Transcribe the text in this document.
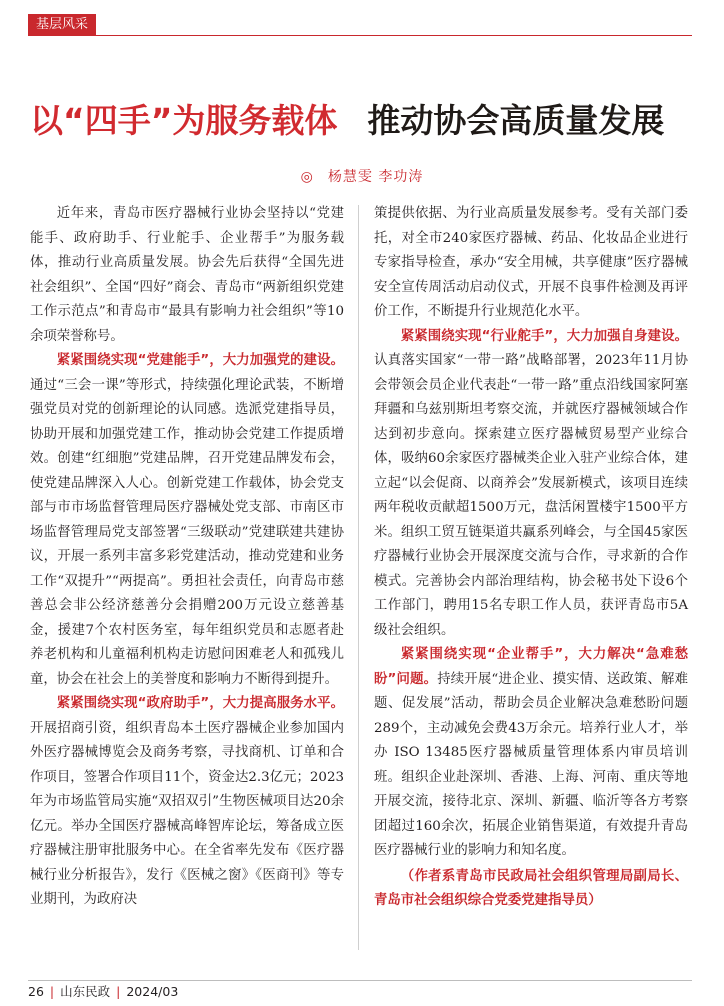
基层风采
以“四手”为服务载体 推动协会高质量发展
◎ 杨慧雯 李功涛

近年来，青岛市医疗器械行业协会坚持以“党建能手、政府助手、行业舵手、企业帮手”为服务载体，推动行业高质量发展。协会先后获得“全国先进社会组织”、全国“四好”商会、青岛市“两新组织党建工作示范点”和青岛市“最具有影响力社会组织”等10余项荣誉称号。

紧紧围绕实现“党建能手”，大力加强党的建设。通过“三会一课”等形式，持续强化理论武装，不断增强党员对党的创新理论的认同感。选派党建指导员，协助开展和加强党建工作，推动协会党建工作提质增效。创建“红细胞”党建品牌，召开党建品牌发布会，使党建品牌深入人心。创新党建工作载体，协会党支部与市市场监督管理局医疗器械处党支部、市南区市场监督管理局党支部签署“三级联动”党建联建共建协议，开展一系列丰富多彩党建活动，推动党建和业务工作“双提升”“两提高”。勇担社会责任，向青岛市慈善总会非公经济慈善分会捐赠200万元设立慈善基金，援建7个农村医务室，每年组织党员和志愿者赴养老机构和儿童福利机构走访慰问困难老人和孤残儿童，协会在社会上的美誉度和影响力不断得到提升。

紧紧围绕实现“政府助手”，大力提高服务水平。开展招商引资，组织青岛本土医疗器械企业参加国内外医疗器械博览会及商务考察，寻找商机、订单和合作项目，签署合作项目11个，资金达2.3亿元；2023年为市场监管局实施“双招双引”生物医械项目达20余亿元。举办全国医疗器械高峰智库论坛，筹备成立医疗器械注册审批服务中心。在全省率先发布《医疗器械行业分析报告》，发行《医械之窗》《医商刊》等专业期刊，为政府决

策提供依据、为行业高质量发展参考。受有关部门委托，对全市240家医疗器械、药品、化妆品企业进行专家指导检查，承办“安全用械，共享健康”医疗器械安全宣传周活动启动仪式，开展不良事件检测及再评价工作，不断提升行业规范化水平。

紧紧围绕实现“行业舵手”，大力加强自身建设。认真落实国家“一带一路”战略部署，2023年11月协会带领会员企业代表赴“一带一路”重点沿线国家阿塞拜疆和乌兹别斯坦考察交流，并就医疗器械领域合作达到初步意向。探索建立医疗器械贸易型产业综合体，吸纳60余家医疗器械类企业入驻产业综合体，建立起“以会促商、以商养会”发展新模式，该项目连续两年税收贡献超1500万元，盘活闲置楼宇1500平方米。组织工贸互链渠道共赢系列峰会，与全国45家医疗器械行业协会开展深度交流与合作，寻求新的合作模式。完善协会内部治理结构，协会秘书处下设6个工作部门，聘用15名专职工作人员，获评青岛市5A 级社会组织。

紧紧围绕实现“企业帮手”，大力解决“急难愁盼”问题。持续开展“进企业、摸实情、送政策、解难题、促发展”活动，帮助会员企业解决急难愁盼问题289个，主动减免会费43万余元。培养行业人才，举办 ISO 13485医疗器械质量管理体系内审员培训班。组织企业赴深圳、香港、上海、河南、重庆等地开展交流，接待北京、深圳、新疆、临沂等各方考察团超过160余次，拓展企业销售渠道，有效提升青岛医疗器械行业的影响力和知名度。

（作者系青岛市民政局社会组织管理局副局长、青岛市社会组织综合党委党建指导员）

26 | 山东民政 | 2024/03
